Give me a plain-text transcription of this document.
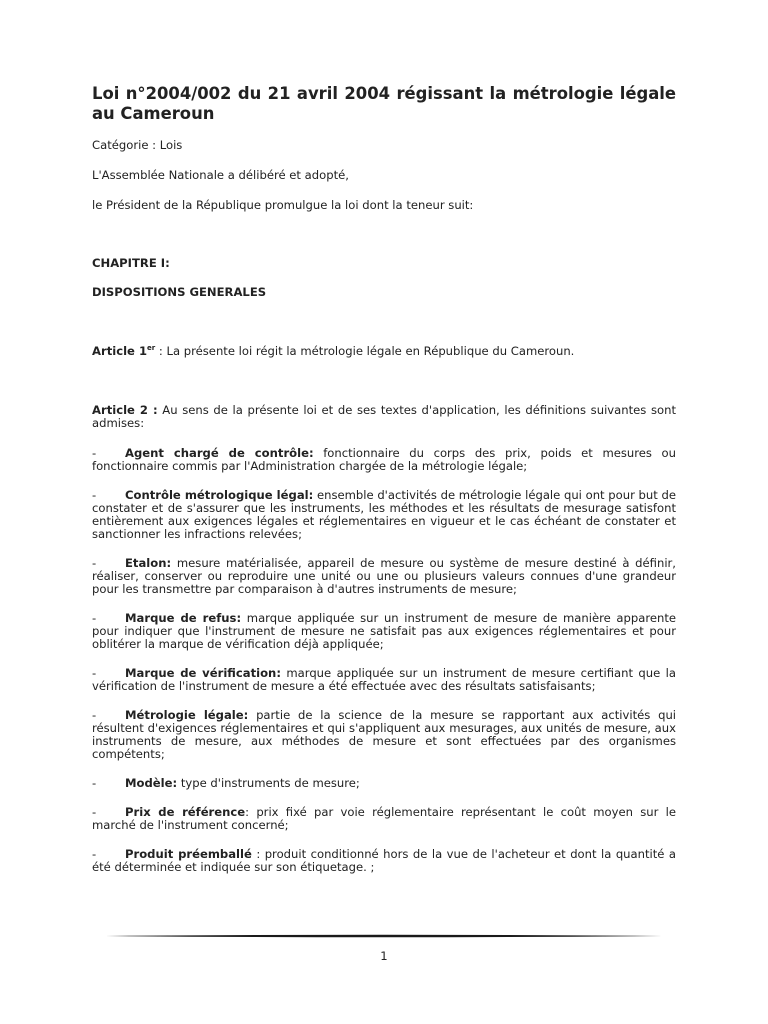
Loi n°2004/002 du 21 avril 2004 régissant la métrologie légale au Cameroun

Catégorie : Lois

L'Assemblée Nationale a délibéré et adopté,

le Président de la République promulgue la loi dont la teneur suit:

CHAPITRE I:

DISPOSITIONS GENERALES

Article 1er : La présente loi régit la métrologie légale en République du Cameroun.

Article 2 : Au sens de la présente loi et de ses textes d'application, les définitions suivantes sont admises:

- Agent chargé de contrôle: fonctionnaire du corps des prix, poids et mesures ou fonctionnaire commis par l'Administration chargée de la métrologie légale;

- Contrôle métrologique légal: ensemble d'activités de métrologie légale qui ont pour but de constater et de s'assurer que les instruments, les méthodes et les résultats de mesurage satisfont entièrement aux exigences légales et réglementaires en vigueur et le cas échéant de constater et sanctionner les infractions relevées;

- Etalon: mesure matérialisée, appareil de mesure ou système de mesure destiné à définir, réaliser, conserver ou reproduire une unité ou une ou plusieurs valeurs connues d'une grandeur pour les transmettre par comparaison à d'autres instruments de mesure;

- Marque de refus: marque appliquée sur un instrument de mesure de manière apparente pour indiquer que l'instrument de mesure ne satisfait pas aux exigences réglementaires et pour oblitérer la marque de vérification déjà appliquée;

- Marque de vérification: marque appliquée sur un instrument de mesure certifiant que la vérification de l'instrument de mesure a été effectuée avec des résultats satisfaisants;

- Métrologie légale: partie de la science de la mesure se rapportant aux activités qui résultent d'exigences réglementaires et qui s'appliquent aux mesurages, aux unités de mesure, aux instruments de mesure, aux méthodes de mesure et sont effectuées par des organismes compétents;

- Modèle: type d'instruments de mesure;

- Prix de référence: prix fixé par voie réglementaire représentant le coût moyen sur le marché de l'instrument concerné;

- Produit préemballé : produit conditionné hors de la vue de l'acheteur et dont la quantité a été déterminée et indiquée sur son étiquetage. ;

1
